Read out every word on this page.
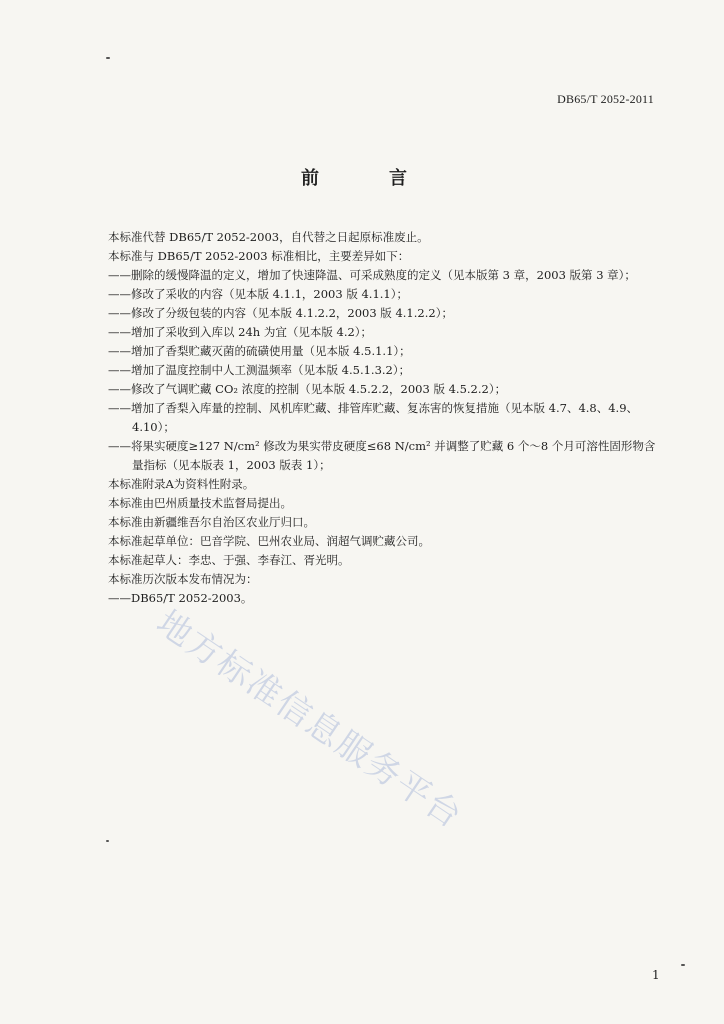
DB65/T 2052-2011
前　言
本标准代替 DB65/T 2052-2003，自代替之日起原标准废止。
本标准与 DB65/T 2052-2003 标准相比，主要差异如下：
——删除的缓慢降温的定义，增加了快速降温、可采成熟度的定义（见本版第 3 章，2003 版第 3 章）；
——修改了采收的内容（见本版 4.1.1，2003 版 4.1.1）；
——修改了分级包装的内容（见本版 4.1.2.2，2003 版 4.1.2.2）；
——增加了采收到入库以 24h 为宜（见本版 4.2）；
——增加了香梨贮藏灭菌的硫磺使用量（见本版 4.5.1.1）；
——增加了温度控制中人工测温频率（见本版 4.5.1.3.2）；
——修改了气调贮藏 CO₂ 浓度的控制（见本版 4.5.2.2，2003 版 4.5.2.2）；
——增加了香梨入库量的控制、风机库贮藏、排管库贮藏、复冻害的恢复措施（见本版 4.7、4.8、4.9、4.10）；
——将果实硬度≥127 N/cm² 修改为果实带皮硬度≤68 N/cm² 并调整了贮藏 6 个～8 个月可溶性固形物含量指标（见本版表 1，2003 版表 1）；
本标准附录A为资料性附录。
本标准由巴州质量技术监督局提出。
本标准由新疆维吾尔自治区农业厅归口。
本标准起草单位：巴音学院、巴州农业局、润超气调贮藏公司。
本标准起草人：李忠、于强、李春江、胥光明。
本标准历次版本发布情况为：
——DB65/T 2052-2003。
地方标准信息服务平台
1
